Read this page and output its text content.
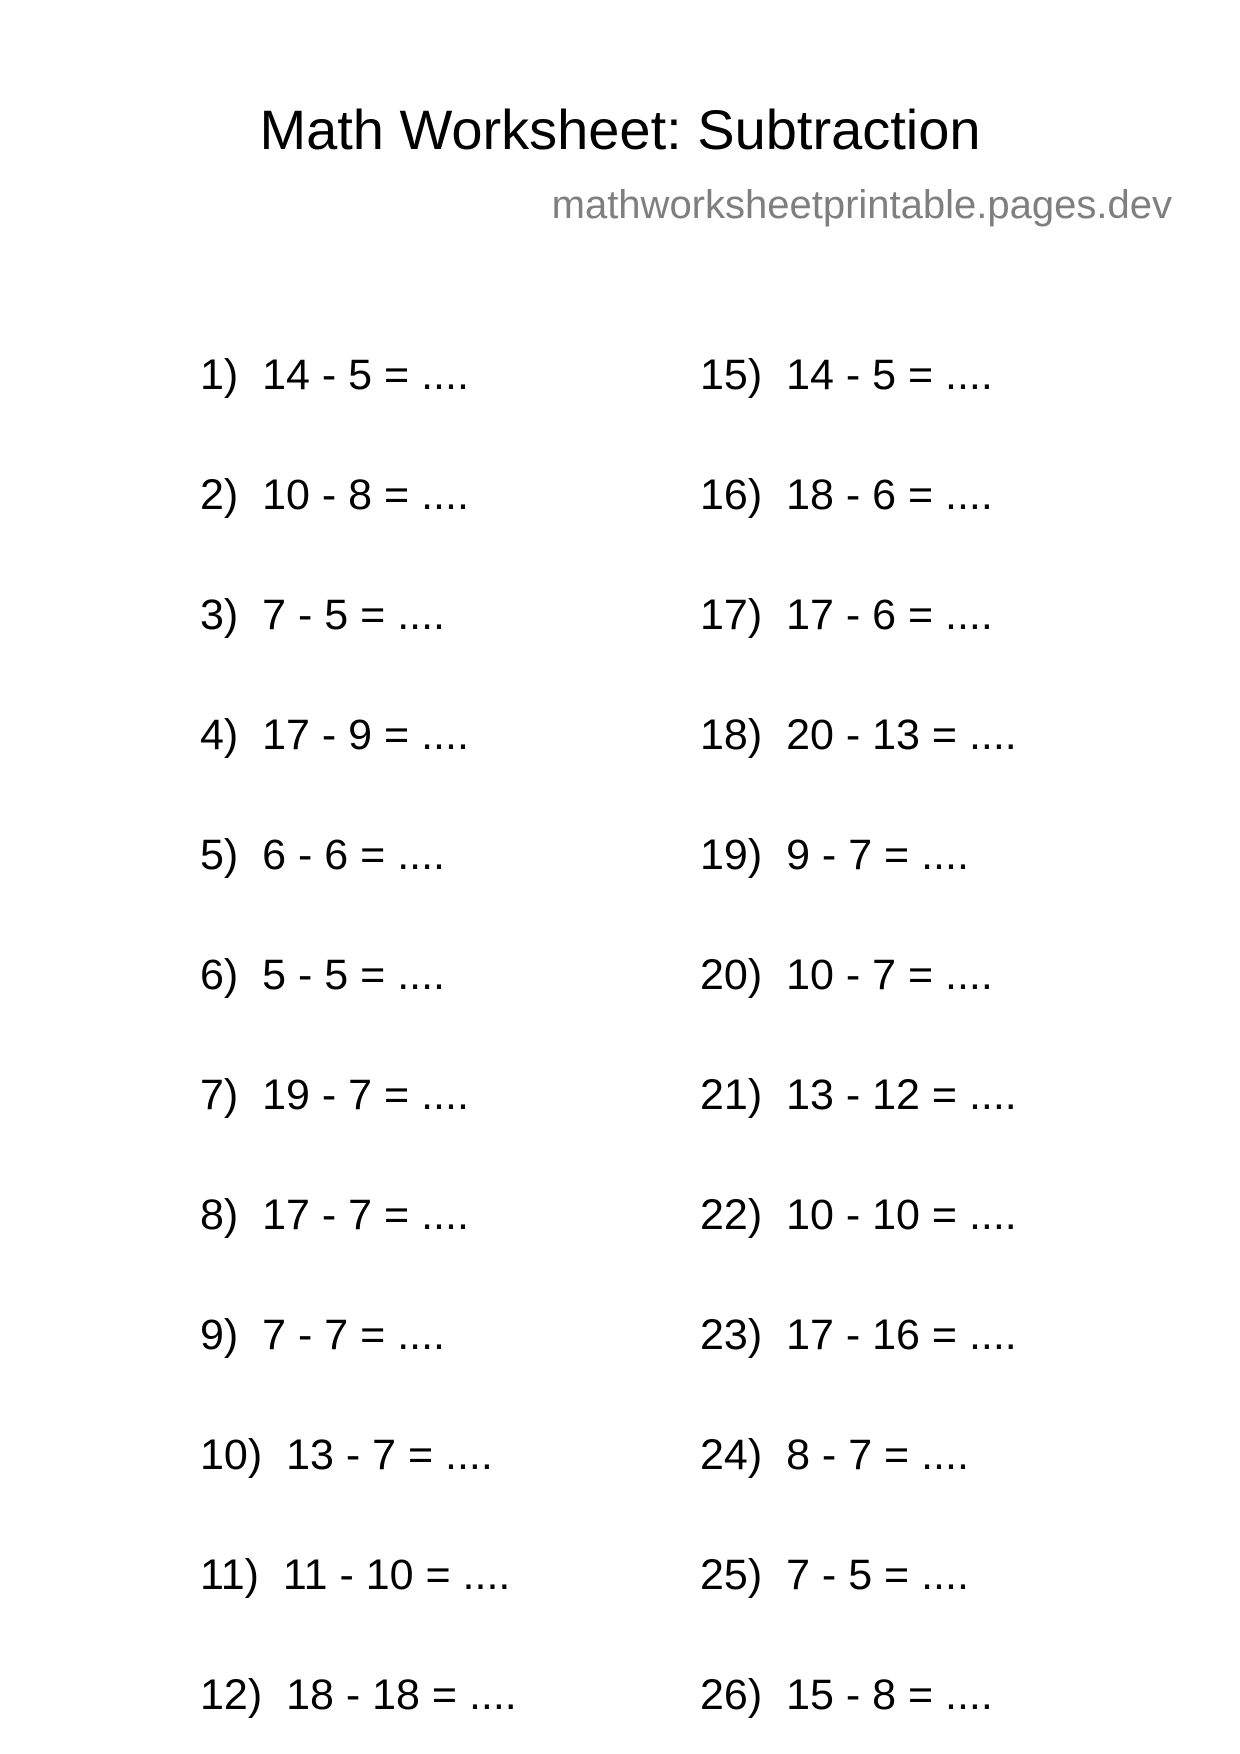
Math Worksheet: Subtraction
mathworksheetprintable.pages.dev
1) 14 - 5 = ....
2) 10 - 8 = ....
3) 7 - 5 = ....
4) 17 - 9 = ....
5) 6 - 6 = ....
6) 5 - 5 = ....
7) 19 - 7 = ....
8) 17 - 7 = ....
9) 7 - 7 = ....
10) 13 - 7 = ....
11) 11 - 10 = ....
12) 18 - 18 = ....
15) 14 - 5 = ....
16) 18 - 6 = ....
17) 17 - 6 = ....
18) 20 - 13 = ....
19) 9 - 7 = ....
20) 10 - 7 = ....
21) 13 - 12 = ....
22) 10 - 10 = ....
23) 17 - 16 = ....
24) 8 - 7 = ....
25) 7 - 5 = ....
26) 15 - 8 = ....
